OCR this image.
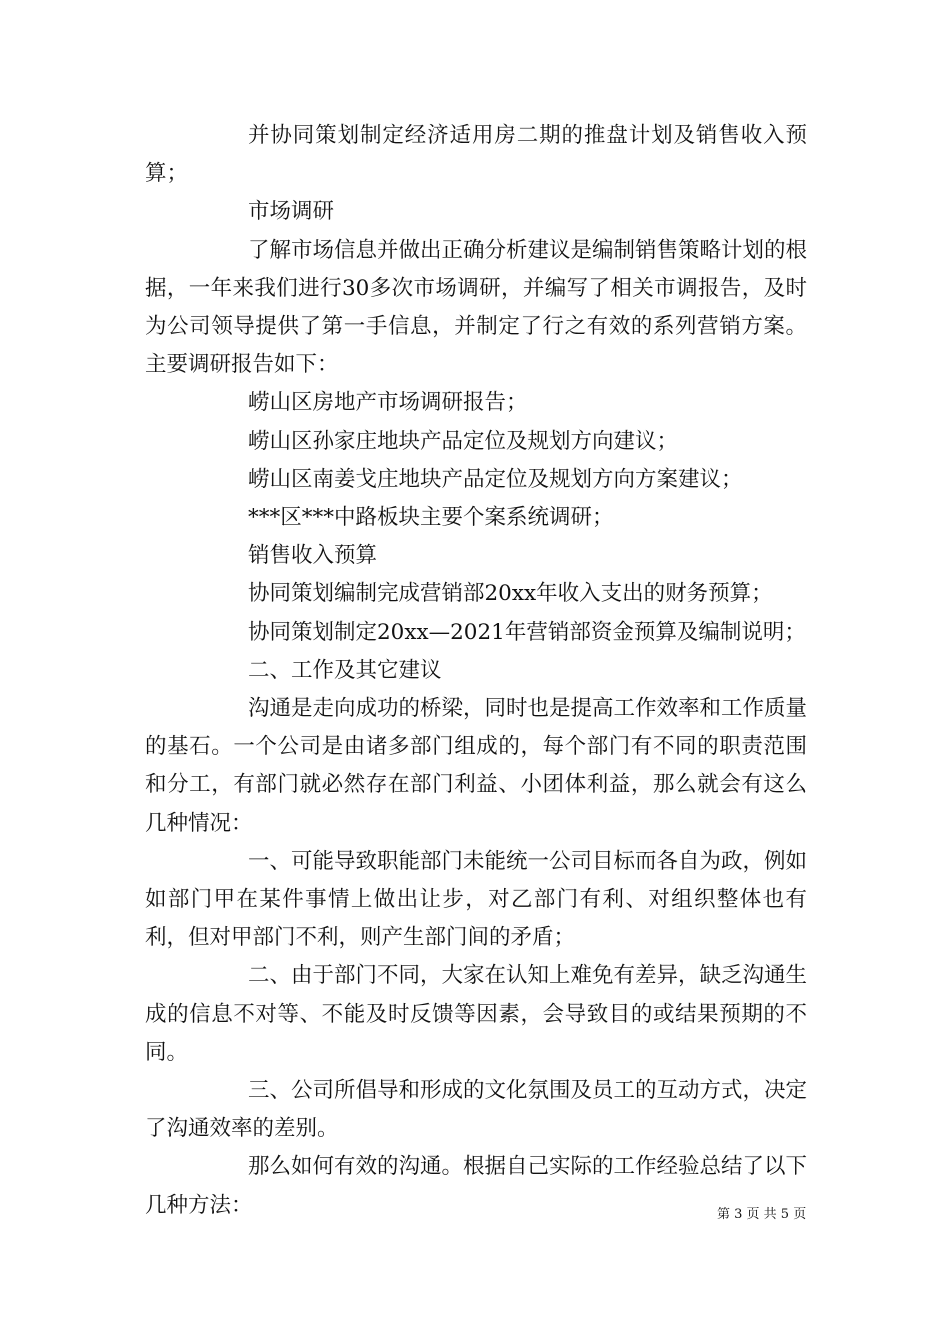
并协同策划制定经济适用房二期的推盘计划及销售收入预算；

市场调研

了解市场信息并做出正确分析建议是编制销售策略计划的根据，一年来我们进行30多次市场调研，并编写了相关市调报告，及时为公司领导提供了第一手信息，并制定了行之有效的系列营销方案。主要调研报告如下：

崂山区房地产市场调研报告；

崂山区孙家庄地块产品定位及规划方向建议；

崂山区南姜戈庄地块产品定位及规划方向方案建议；

***区***中路板块主要个案系统调研；

销售收入预算

协同策划编制完成营销部20xx年收入支出的财务预算；

协同策划制定20xx—2021年营销部资金预算及编制说明；

二、工作及其它建议

沟通是走向成功的桥梁，同时也是提高工作效率和工作质量的基石。一个公司是由诸多部门组成的，每个部门有不同的职责范围和分工，有部门就必然存在部门利益、小团体利益，那么就会有这么几种情况：

一、可能导致职能部门未能统一公司目标而各自为政，例如如部门甲在某件事情上做出让步，对乙部门有利、对组织整体也有利，但对甲部门不利，则产生部门间的矛盾；

二、由于部门不同，大家在认知上难免有差异，缺乏沟通生成的信息不对等、不能及时反馈等因素，会导致目的或结果预期的不同。

三、公司所倡导和形成的文化氛围及员工的互动方式，决定了沟通效率的差别。

那么如何有效的沟通。根据自己实际的工作经验总结了以下几种方法：	第 3 页 共 5 页
